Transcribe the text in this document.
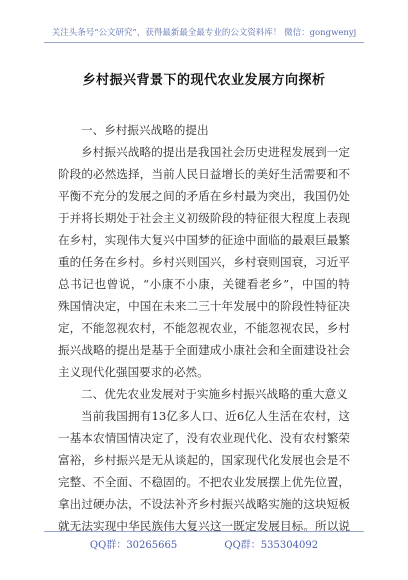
关注头条号“公文研究”，获得最新最全最专业的公文资料库！ 微信：gongwenyj
乡村振兴背景下的现代农业发展方向探析
一、乡村振兴战略的提出
乡村振兴战略的提出是我国社会历史进程发展到一定
阶段的必然选择，当前人民日益增长的美好生活需要和不
平衡不充分的发展之间的矛盾在乡村最为突出，我国仍处
于并将长期处于社会主义初级阶段的特征很大程度上表现
在乡村，实现伟大复兴中国梦的征途中面临的最艰巨最繁
重的任务在乡村。乡村兴则国兴，乡村衰则国衰，习近平
总书记也曾说，“小康不小康，关键看老乡”，中国的特
殊国情决定，中国在未来二三十年发展中的阶段性特征决
定，不能忽视农村，不能忽视农业，不能忽视农民，乡村
振兴战略的提出是基于全面建成小康社会和全面建设社会
主义现代化强国要求的必然。
二、优先农业发展对于实施乡村振兴战略的重大意义
当前我国拥有13亿多人口、近6亿人生活在农村，这
一基本农情国情决定了，没有农业现代化、没有农村繁荣
富裕，乡村振兴是无从谈起的，国家现代化发展也会是不
完整、不全面、不稳固的。不把农业发展摆上优先位置，
拿出过硬办法，不设法补齐乡村振兴战略实施的这块短板
就无法实现中华民族伟大复兴这一既定发展目标。所以说
QQ群：30265665	QQ群：535304092
